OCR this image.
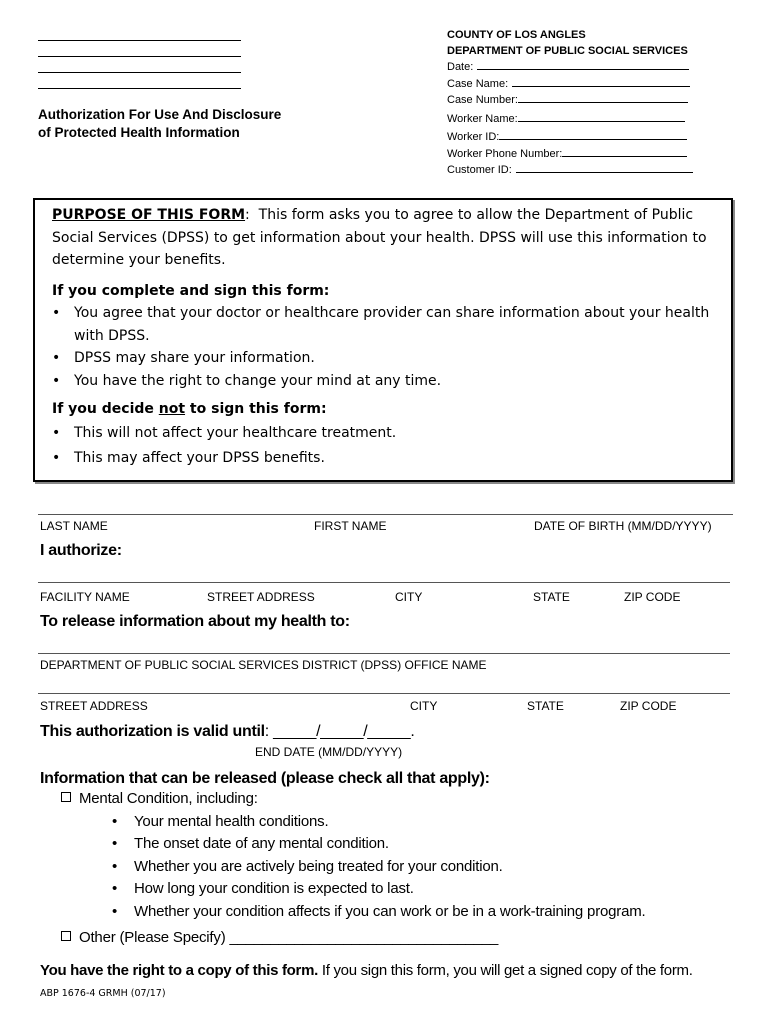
Authorization For Use And Disclosure
of Protected Health Information
COUNTY OF LOS ANGLES
DEPARTMENT OF PUBLIC SOCIAL SERVICES
Date:
Case Name:
Case Number:
Worker Name:
Worker ID:
Worker Phone Number:
Customer ID:
PURPOSE OF THIS FORM:  This form asks you to agree to allow the Department of Public Social Services (DPSS) to get information about your health. DPSS will use this information to determine your benefits.
If you complete and sign this form:
• You agree that your doctor or healthcare provider can share information about your health with DPSS.
• DPSS may share your information.
• You have the right to change your mind at any time.
If you decide not to sign this form:
• This will not affect your healthcare treatment.
• This may affect your DPSS benefits.
LAST NAME	FIRST NAME	DATE OF BIRTH (MM/DD/YYYY)
I authorize:
FACILITY NAME	STREET ADDRESS	CITY	STATE	ZIP CODE
To release information about my health to:
DEPARTMENT OF PUBLIC SOCIAL SERVICES DISTRICT (DPSS) OFFICE NAME
STREET ADDRESS	CITY	STATE	ZIP CODE
This authorization is valid until: _____/_____/_____.
END DATE (MM/DD/YYYY)
Information that can be released (please check all that apply):
Mental Condition, including:
• Your mental health conditions.
• The onset date of any mental condition.
• Whether you are actively being treated for your condition.
• How long your condition is expected to last.
• Whether your condition affects if you can work or be in a work-training program.
Other (Please Specify) _________________________________
You have the right to a copy of this form. If you sign this form, you will get a signed copy of the form.
ABP 1676-4 GRMH (07/17)
